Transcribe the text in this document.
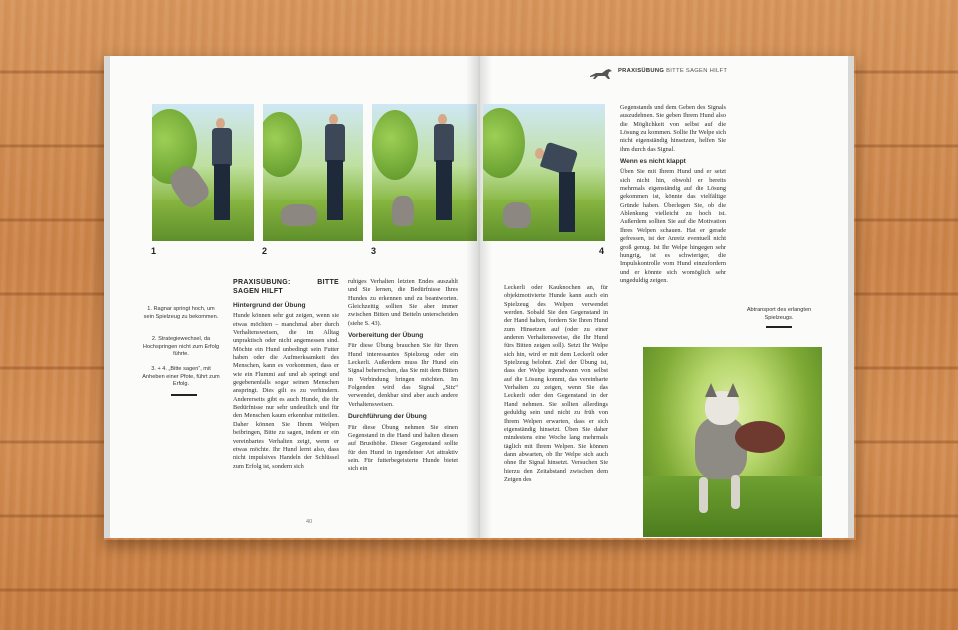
1	2	3
1. Ragnar springt hoch, um sein Spielzeug zu bekommen.
2. Strategiewechsel, da Hochspringen nicht zum Erfolg führte.
3. + 4. „Bitte sagen“, mit Anheben einer Pfote, führt zum Erfolg.
PRAXISÜBUNG: BITTE SAGEN HILFT
Hintergrund der Übung
Hunde können sehr gut zeigen, wenn sie etwas möchten – manchmal aber durch Verhaltensweisen, die im Alltag unpraktisch oder nicht angemessen sind. Möchte ein Hund unbedingt sein Futter haben oder die Aufmerksamkeit des Menschen, kann es vorkommen, dass er wie ein Flummi auf und ab springt und gegebenenfalls sogar seinen Menschen anspringt. Dies gilt es zu verhindern. Andererseits gibt es auch Hunde, die ihr Bedürfnisse nur sehr undeutlich und für den Menschen kaum erkennbar mitteilen. Daher können Sie Ihrem Welpen beibringen, Bitte zu sagen, indem er ein vereinbartes Verhalten zeigt, wenn er etwas möchte. Ihr Hund lernt also, dass nicht impulsives Handeln der Schlüssel zum Erfolg ist, sondern sich
ruhiges Verhalten letzten Endes auszahlt und Sie lernen, die Bedürfnisse Ihres Hundes zu erkennen und zu beantworten. Gleichzeitig sollten Sie aber immer zwischen Bitten und Betteln unterscheiden (siehe S. 43).
Vorbereitung der Übung
Für diese Übung brauchen Sie für Ihren Hund interessantes Spielzeug oder ein Leckerli. Außerdem muss Ihr Hund ein Signal beherrschen, das Sie mit dem Bitten in Verbindung bringen möchten. Im Folgenden wird das Signal „Sitz“ verwendet, denkbar sind aber auch andere Verhaltensweisen.
Durchführung der Übung
Für diese Übung nehmen Sie einen Gegenstand in die Hand und halten diesen auf Brusthöhe. Dieser Gegenstand sollte für den Hund in irgendeiner Art attraktiv sein. Für futterbegeisterte Hunde bietet sich ein
40
PRAXISÜBUNG BITTE SAGEN HILFT
4
Leckerli oder Kauknochen an, für objektmotivierte Hunde kann auch ein Spielzeug des Welpen verwendet werden. Sobald Sie den Gegenstand in der Hand halten, fordern Sie Ihren Hund zum Hinsetzen auf (oder zu einer anderen Verhaltensweise, die Ihr Hund fürs Bitten zeigen soll). Setzt Ihr Welpe sich hin, wird er mit dem Leckerli oder Spielzeug belohnt. Ziel der Übung ist, dass der Welpe irgendwann von selbst auf die Lösung kommt, das vereinbarte Verhalten zu zeigen, wenn Sie das Leckerli oder den Gegenstand in der Hand nehmen. Sie sollten allerdings geduldig sein und nicht zu früh von Ihrem Welpen erwarten, dass er sich eigenständig hinsetzt. Üben Sie daher mindestens eine Woche lang mehrmals täglich mit Ihrem Welpen. Sie können dann abwarten, ob Ihr Welpe sich auch ohne Ihr Signal hinsetzt. Versuchen Sie hierzu den Zeitabstand zwischen dem Zeigen des
Gegenstands und dem Geben des Signals auszudehnen. Sie geben Ihrem Hund also die Möglichkeit von selbst auf die Lösung zu kommen. Sollte Ihr Welpe sich nicht eigenständig hinsetzen, helfen Sie ihm durch das Signal.
Wenn es nicht klappt
Üben Sie mit Ihrem Hund und er setzt sich nicht hin, obwohl er bereits mehrmals eigenständig auf die Lösung gekommen ist, könnte das vielfältige Gründe haben. Überlegen Sie, ob die Ablenkung vielleicht zu hoch ist. Außerdem sollten Sie auf die Motivation Ihres Welpen schauen. Hat er gerade gefressen, ist der Anreiz eventuell nicht groß genug. Ist Ihr Welpe hingegen sehr hungrig, ist es schwieriger, die Impulskontrolle vom Hund einzufordern und er könnte sich womöglich sehr ungeduldig zeigen.
Abtransport des erlangten Spielzeugs.
